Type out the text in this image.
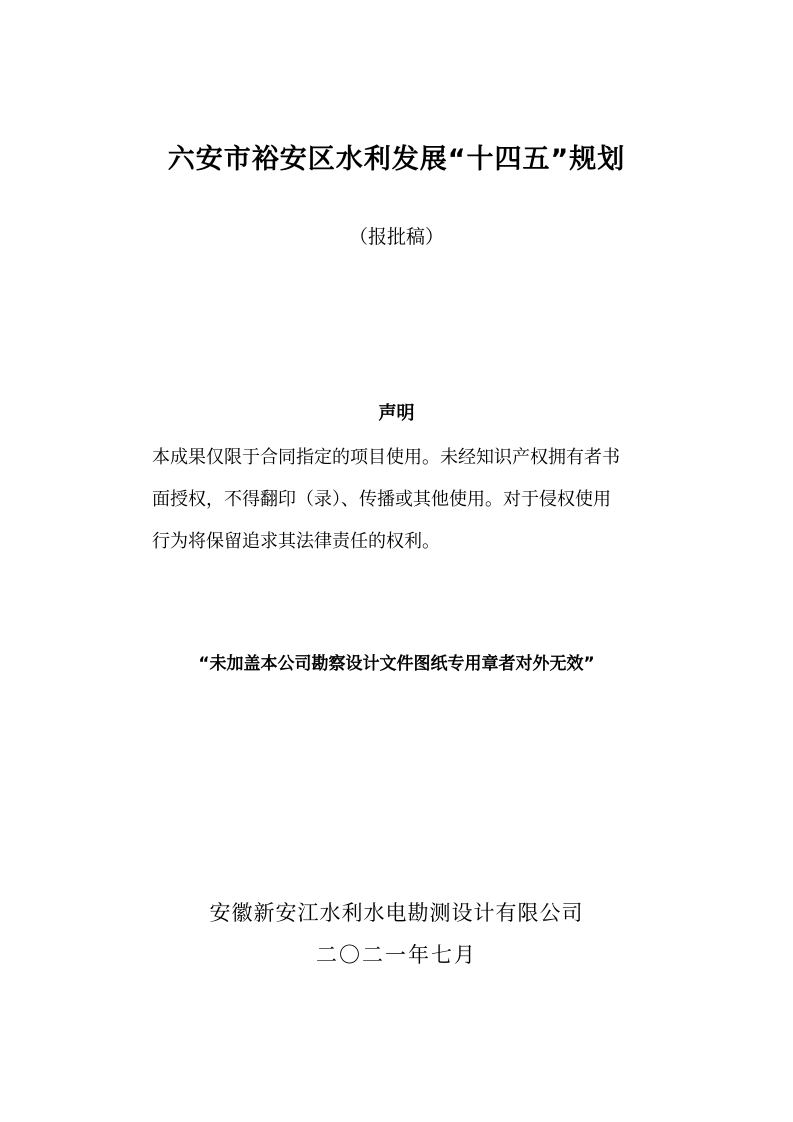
六安市裕安区水利发展“十四五”规划
（报批稿）
声明
本成果仅限于合同指定的项目使用。未经知识产权拥有者书
面授权，不得翻印（录）、传播或其他使用。对于侵权使用
行为将保留追求其法律责任的权利。
“未加盖本公司勘察设计文件图纸专用章者对外无效”
安徽新安江水利水电勘测设计有限公司
二〇二一年七月
